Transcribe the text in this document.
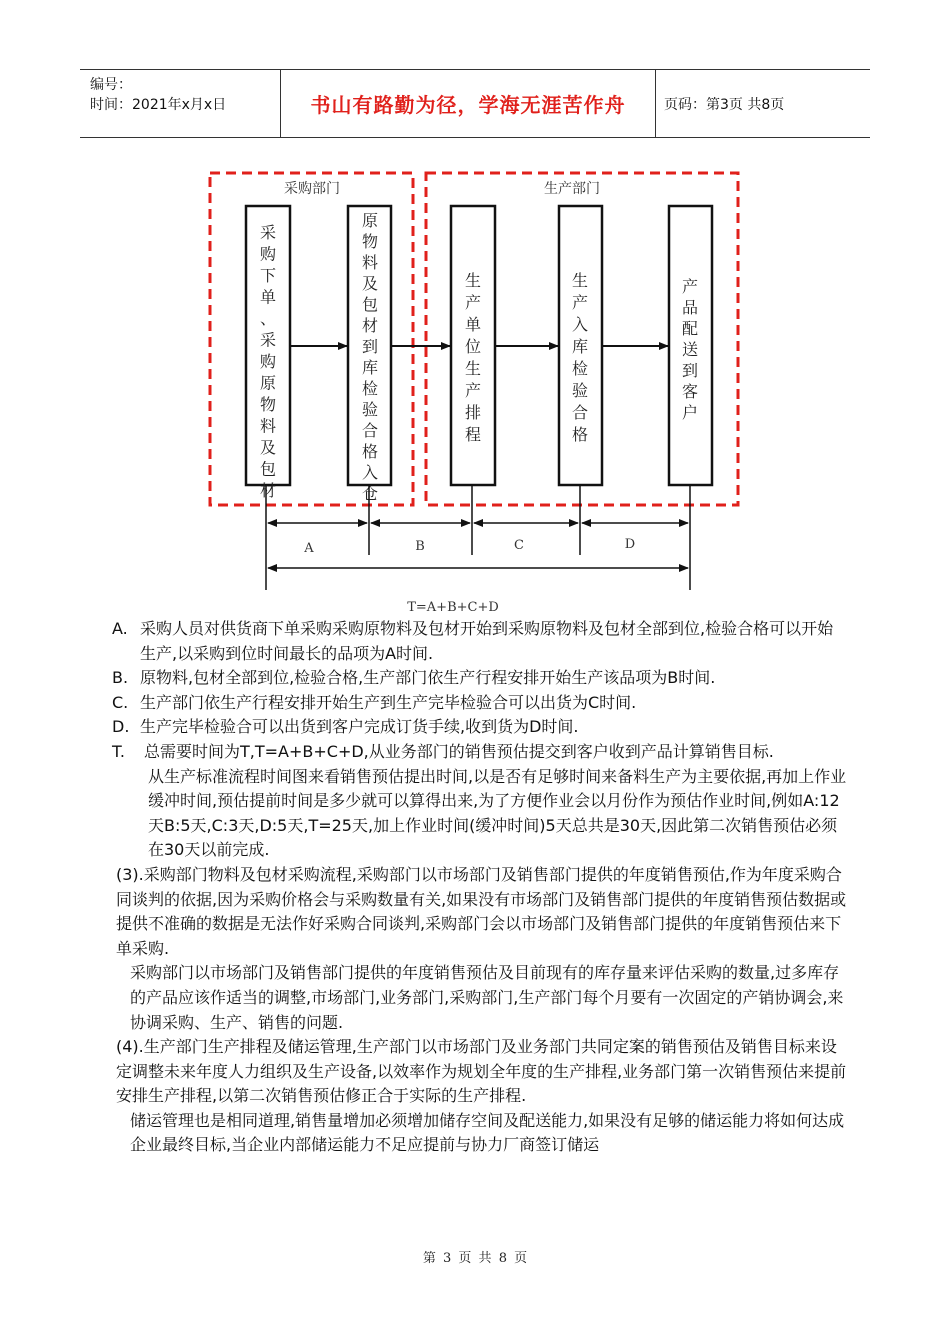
编号：
时间：2021年x月x日	书山有路勤为径，学海无涯苦作舟	页码：第3页 共8页
采购部门	生产部门
采购下单、采购原物料及包材
原物料及包材到库检验合格入仓
生产单位生产排程
生产入库检验合格
产品配送到客户
A	B	C	D
T=A+B+C+D
A. 采购人员对供货商下单采购采购原物料及包材开始到采购原物料及包材全部到位,检验合格可以开始生产,以采购到位时间最长的品项为A时间.
B. 原物料,包材全部到位,检验合格,生产部门依生产行程安排开始生产该品项为B时间.
C. 生产部门依生产行程安排开始生产到生产完毕检验合可以出货为C时间.
D. 生产完毕检验合可以出货到客户完成订货手续,收到货为D时间.
T. 总需要时间为T,T=A+B+C+D,从业务部门的销售预估提交到客户收到产品计算销售目标.
从生产标准流程时间图来看销售预估提出时间,以是否有足够时间来备料生产为主要依据,再加上作业缓冲时间,预估提前时间是多少就可以算得出来,为了方便作业会以月份作为预估作业时间,例如A:12天B:5天,C:3天,D:5天,T=25天,加上作业时间(缓冲时间)5天总共是30天,因此第二次销售预估必须在30天以前完成.
(3).采购部门物料及包材采购流程,采购部门以市场部门及销售部门提供的年度销售预估,作为年度采购合同谈判的依据,因为采购价格会与采购数量有关,如果没有市场部门及销售部门提供的年度销售预估数据或提供不准确的数据是无法作好采购合同谈判,采购部门会以市场部门及销售部门提供的年度销售预估来下单采购.
采购部门以市场部门及销售部门提供的年度销售预估及目前现有的库存量来评估采购的数量,过多库存的产品应该作适当的调整,市场部门,业务部门,采购部门,生产部门每个月要有一次固定的产销协调会,来协调采购、生产、销售的问题.
(4).生产部门生产排程及储运管理,生产部门以市场部门及业务部门共同定案的销售预估及销售目标来设定调整未来年度人力组织及生产设备,以效率作为规划全年度的生产排程,业务部门第一次销售预估来提前安排生产排程,以第二次销售预估修正合于实际的生产排程.
储运管理也是相同道理,销售量增加必须增加储存空间及配送能力,如果没有足够的储运能力将如何达成企业最终目标,当企业内部储运能力不足应提前与协力厂商签订储运
第 3 页 共 8 页
